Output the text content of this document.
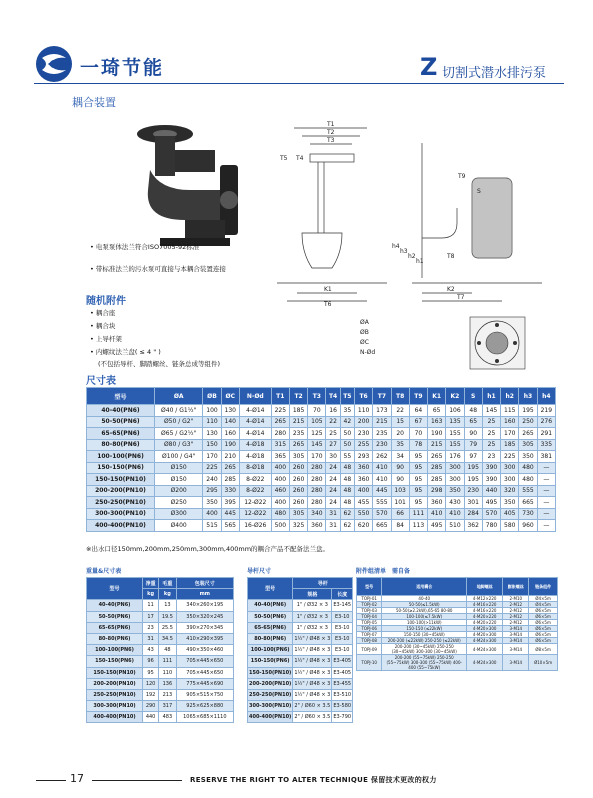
一琦节能	Z 切割式潜水排污泵
耦合装置
T1
T2
T3
T4
T5
T6
K1
T9
S
h4
h3
h2
h1
T8
K2
T7
ØA
ØB
ØC
N-Ød
• 电泵泵体法兰符合ISO7005-92标准
• 带标准法兰的污水泵可直接与本耦合装置连接
随机附件
• 耦合座
• 耦合块
• 上导杆架
• 内螺纹法兰盘( ≤ 4 " )
(不包括导杆、脚踏螺丝、链条总成等组件)
尺寸表
型号	ØA	ØB	ØC	N-Ød	T1	T2	T3	T4	T5	T6	T7	T8	T9	K1	K2	S	h1	h2	h3	h4
40-40(PN6)	Ø40 / G1½"	100	130	4-Ø14	225	185	70	16	35	110	173	22	64	65	106	48	145	115	195	219
50-50(PN6)	Ø50 / G2"	110	140	4-Ø14	265	215	105	22	42	200	215	15	67	163	135	65	25	160	250	276
65-65(PN6)	Ø65 / G2½"	130	160	4-Ø14	280	235	125	25	50	230	235	20	70	190	155	90	25	170	265	291
80-80(PN6)	Ø80 / G3"	150	190	4-Ø18	315	265	145	27	50	255	230	35	78	215	155	79	25	185	305	335
100-100(PN6)	Ø100 / G4"	170	210	4-Ø18	365	305	170	30	55	293	262	34	95	265	176	97	23	225	350	381
150-150(PN6)	Ø150	225	265	8-Ø18	400	260	280	24	48	360	410	90	95	285	300	195	390	300	480	—
150-150(PN10)	Ø150	240	285	8-Ø22	400	260	280	24	48	360	410	90	95	285	300	195	390	300	480	—
200-200(PN10)	Ø200	295	330	8-Ø22	460	260	280	24	48	400	445	103	95	298	350	230	440	320	555	—
250-250(PN10)	Ø250	350	395	12-Ø22	400	260	280	24	48	455	555	101	95	360	430	301	495	350	665	—
300-300(PN10)	Ø300	400	445	12-Ø22	480	305	340	31	62	550	570	66	111	410	410	284	570	405	730	—
400-400(PN10)	Ø400	515	565	16-Ø26	500	325	360	31	62	620	665	84	113	495	510	362	780	580	960	—
※出水口径150mm,200mm,250mm,300mm,400mm的耦合产品不配备法兰盘。
重量&尺寸表
型号	净重	毛重	包装尺寸
	kg	kg	mm
40-40(PN6)	11	13	340×260×195
50-50(PN6)	17	19.5	350×320×245
65-65(PN6)	23	25.5	390×270×345
80-80(PN6)	31	34.5	410×290×395
100-100(PN6)	43	48	490×350×460
150-150(PN6)	96	111	705×445×650
150-150(PN10)	95	110	705×445×650
200-200(PN10)	120	136	775×445×690
250-250(PN10)	192	213	905×515×750
300-300(PN10)	290	317	925×625×880
400-400(PN10)	440	483	1065×685×1110
导杆尺寸
型号	导杆	
	规格	长度
40-40(PN6)	1" / Ø32 × 3	E3-145
50-50(PN6)	1" / Ø32 × 3	E3-10
65-65(PN6)	1" / Ø32 × 3	E3-10
80-80(PN6)	1½" / Ø48 × 3	E3-10
100-100(PN6)	1½" / Ø48 × 3	E3-10
150-150(PN6)	1½" / Ø48 × 3	E3-405
150-150(PN10)	1½" / Ø48 × 3	E3-405
200-200(PN10)	1½" / Ø48 × 3	E3-455
250-250(PN10)	1½" / Ø48 × 3	E3-510
300-300(PN10)	2" / Ø60 × 3.5	E3-580
400-400(PN10)	2" / Ø60 × 3.5	E3-790
附件组清单　需自备
型号	适用耦合	地脚螺丝	膨胀螺丝	链条组件
TOPJ-01	40-40	4-M12×220	2-M10	Ø4×5m
TOPJ-02	50-50(≤1.5kW)	4-M16×220	2-M12	Ø4×5m
TOPJ-03	50-50(≥2.2kW),65-65 80-80	4-M16×220	2-M12	Ø6×5m
TOPJ-04	100-100(≤7.5kW)	4-M20×220	2-M12	Ø6×5m
TOPJ-05	100-100(>11kW)	4-M20×220	2-M12	Ø6×5m
TOPJ-06	150-150 (≤22kW)	4-M20×300	3-M14	Ø6×5m
TOPJ-07	150-150 (30~45kW)	4-M20×300	3-M14	Ø6×5m
TOPJ-08	200-200 (≤22kW) 250-250 (≤22kW)	4-M24×300	3-M14	Ø6×5m
TOPJ-09	200-200 (30~45kW) 250-250 (30~45kW) 300-300 (30~45kW)	4-M24×300	3-M14	Ø8×5m
TOPJ-10	200-200 (55~75kW) 250-250 (55~75kW) 300-300 (55~75kW) 400-400 (55~75kW)	4-M24×300	3-M14	Ø10×5m
17	RESERVE THE RIGHT TO ALTER TECHNIQUE 保留技术更改的权力
